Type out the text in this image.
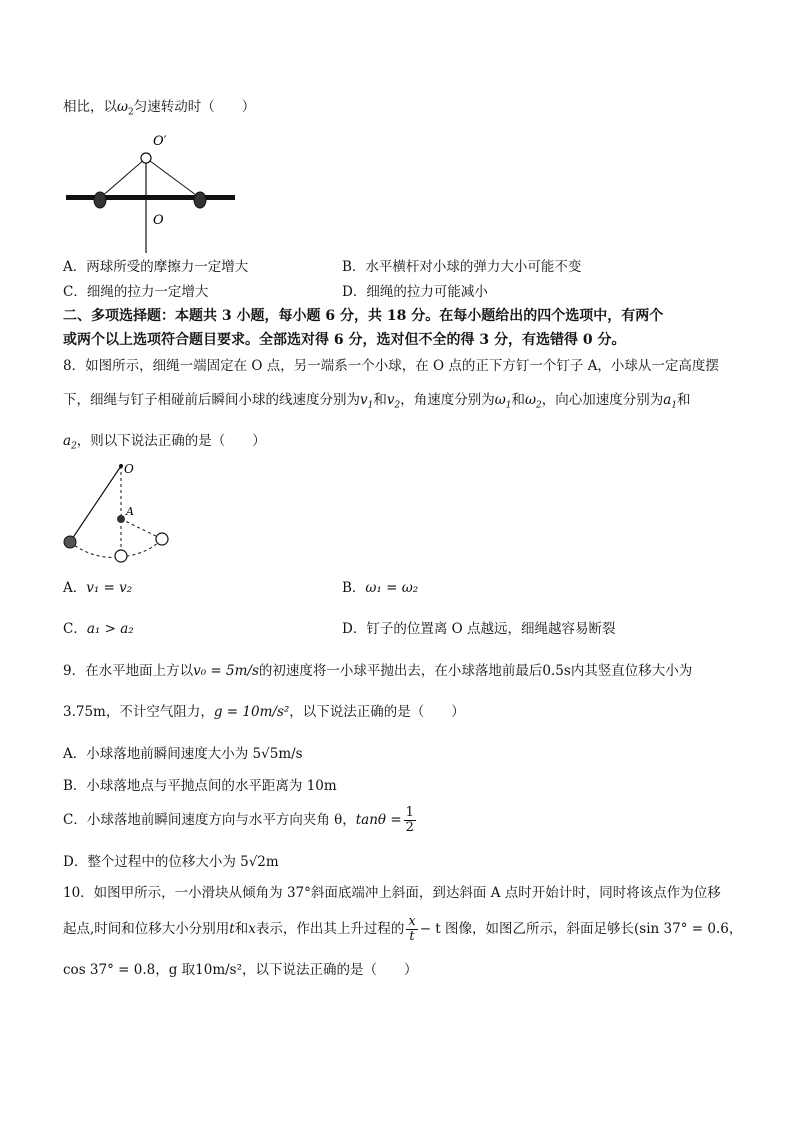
相比，以$\omega_2$匀速转动时（　　）
O′
O
A．两球所受的摩擦力一定增大	B．水平横杆对小球的弹力大小可能不变
C．细绳的拉力一定增大	D．细绳的拉力可能减小
二、多项选择题：本题共 3 小题，每小题 6 分，共 18 分。在每小题给出的四个选项中，有两个
或两个以上选项符合题目要求。全部选对得 6 分，选对但不全的得 3 分，有选错得 0 分。
8．如图所示，细绳一端固定在 O 点，另一端系一个小球，在 O 点的正下方钉一个钉子 A，小球从一定高度摆
下，细绳与钉子相碰前后瞬间小球的线速度分别为$v_1$和$v_2$，角速度分别为$\omega_1$和$\omega_2$，向心加速度分别为$a_1$和
$a_2$，则以下说法正确的是（　　）
O
A
A．v₁ = v₂	B．ω₁ = ω₂
C．a₁ > a₂	D．钉子的位置离 O 点越远，细绳越容易断裂
9．在水平地面上方以v₀ = 5m/s的初速度将一小球平抛出去，在小球落地前最后0.5s内其竖直位移大小为
3.75m，不计空气阻力，g = 10m/s²，以下说法正确的是（　　）
A．小球落地前瞬间速度大小为 5√5m/s
B．小球落地点与平抛点间的水平距离为 10m
C．小球落地前瞬间速度方向与水平方向夹角 θ，$\tan\theta = \frac{1}{2}$
D．整个过程中的位移大小为 5√2m
10．如图甲所示，一小滑块从倾角为 37°斜面底端冲上斜面，到达斜面 A 点时开始计时，同时将该点作为位移
起点,时间和位移大小分别用t和x表示，作出其上升过程的 $\frac{x}{t} - t$ 图像，如图乙所示，斜面足够长(sin 37° = 0.6，
cos 37° = 0.8，g 取10m/s²，以下说法正确的是（　　）
